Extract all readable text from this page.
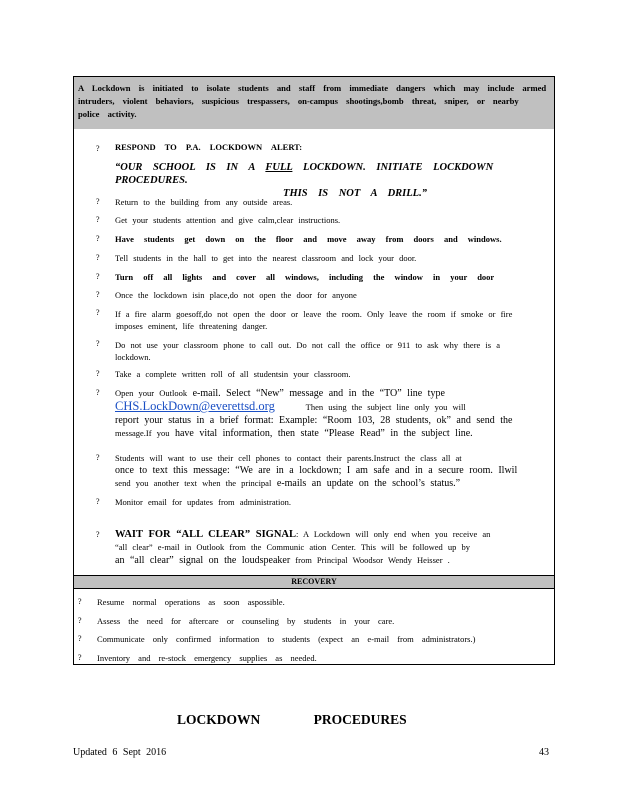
A Lockdown is initiated to isolate students and staff from immediate dangers which may include armed intruders, violent behaviors, suspicious trespassers, on-campus shootings,bomb threat, sniper, or nearby police activity.
? RESPOND TO P.A. LOCKDOWN ALERT:
“OUR SCHOOL IS IN A FULL LOCKDOWN. INITIATE LOCKDOWN PROCEDURES.
THIS IS NOT A DRILL.”
? Return to the building from any outside areas.
? Get your students attention and give calm,clear instructions.
? Have students get down on the floor and move away from doors and windows.
? Tell students in the hall to get into the nearest classroom and lock your door.
? Turn off all lights and cover all windows, including the window in your door
? Once the lockdown isin place,do not open the door for anyone
? If a fire alarm goesoff,do not open the door or leave the room. Only leave the room if smoke or fire imposes eminent, life threatening danger.
? Do not use your classroom phone to call out. Do not call the office or 911 to ask why there is a lockdown.
? Take a complete written roll of all studentsin your classroom.
? Open your Outlook e-mail. Select “New” message and in the “TO” line type
CHS.LockDown@everettsd.org	Then using the subject line only you will
report your status in a brief format: Example: “Room 103, 28 students, ok” and send the
message.If you have vital information, then state “Please Read” in the subject line.
? Students will want to use their cell phones to contact their parents.Instruct the class all at
once to text this message: “We are in a lockdown; I am safe and in a secure room. Ilwil
send you another text when the principal e-mails an update on the school’s status.”
? Monitor email for updates from administration.
? WAIT FOR “ALL CLEAR” SIGNAL: A Lockdown will only end when you receive an
“all clear” e-mail in Outlook from the Communic ation Center. This will be followed up by
an “all clear” signal on the loudspeaker from Principal Woodsor Wendy Heisser .
RECOVERY
? Resume normal operations as soon aspossible.
? Assess the need for aftercare or counseling by students in your care.
? Communicate only confirmed information to students (expect an e-mail from administrators.)
? Inventory and re-stock emergency supplies as needed.
LOCKDOWN PROCEDURES
Updated 6 Sept 2016	43
